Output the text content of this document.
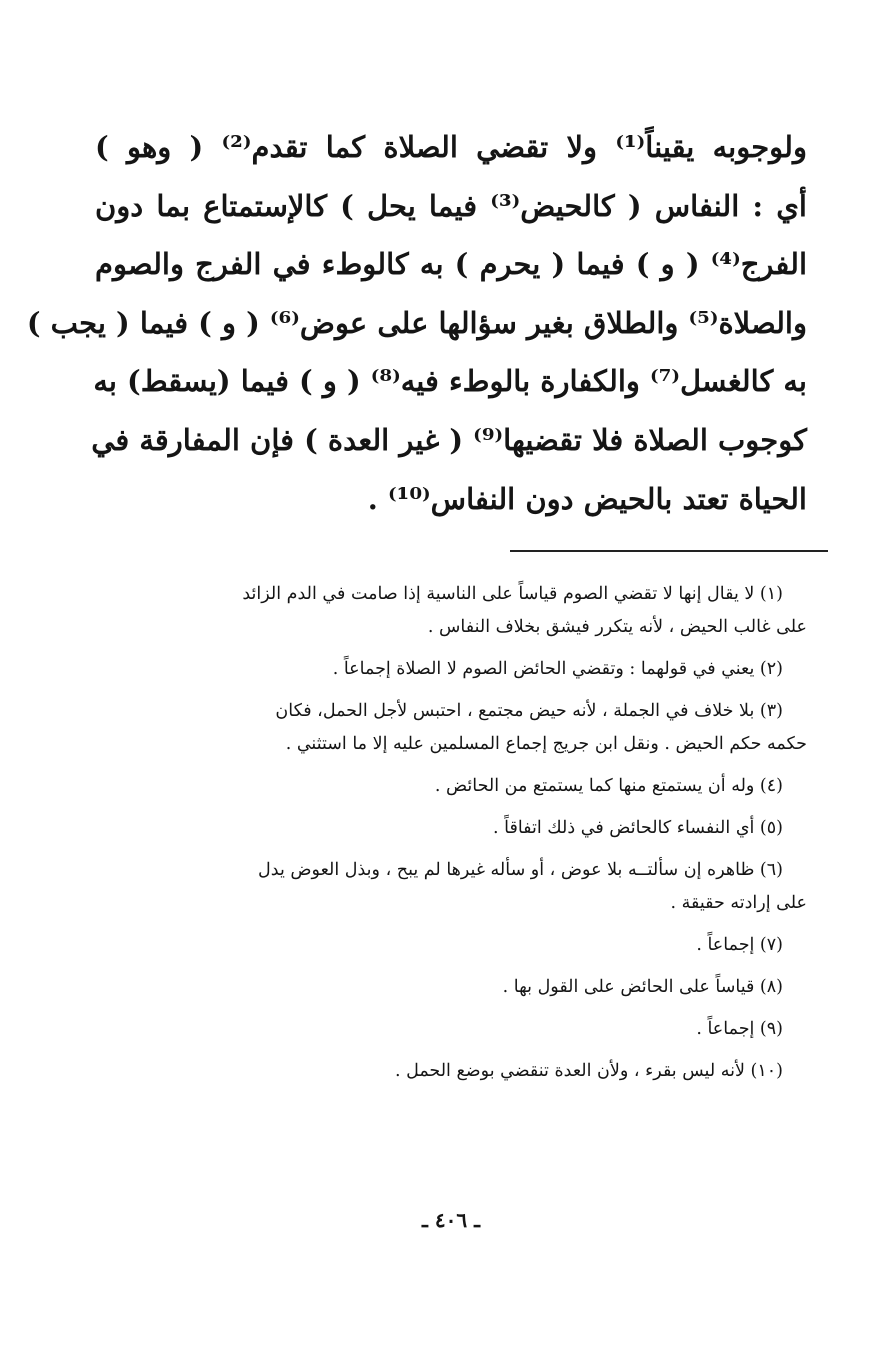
ولوجوبه يقيناً⁽¹⁾ ولا تقضي الصلاة كما تقدم⁽²⁾ ( وهو )
أي : النفاس ( كالحيض⁽³⁾ فيما يحل ) كالإستمتاع بما دون
الفرج⁽⁴⁾ ( و ) فيما ( يحرم ) به كالوطء في الفرج والصوم
والصلاة⁽⁵⁾ والطلاق بغير سؤالها على عوض⁽⁶⁾ ( و ) فيما ( يجب )
به كالغسل⁽⁷⁾ والكفارة بالوطء فيه⁽⁸⁾ ( و ) فيما (يسقط) به
كوجوب الصلاة فلا تقضيها⁽⁹⁾ ( غير العدة ) فإن المفارقة في
الحياة تعتد بالحيض دون النفاس⁽¹⁰⁾ .
(١) لا يقال إنها لا تقضي الصوم قياساً على الناسية إذا صامت في الدم الزائد
على غالب الحيض ، لأنه يتكرر فيشق بخلاف النفاس .
(٢) يعني في قولهما : وتقضي الحائض الصوم لا الصلاة إجماعاً .
(٣) بلا خلاف في الجملة ، لأنه حيض مجتمع ، احتبس لأجل الحمل، فكان
حكمه حكم الحيض . ونقل ابن جريج إجماع المسلمين عليه إلا ما استثني .
(٤) وله أن يستمتع منها كما يستمتع من الحائض .
(٥) أي النفساء كالحائض في ذلك اتفاقاً .
(٦) ظاهره إن سألتــه بلا عوض ، أو سأله غيرها لم يبح ، وبذل العوض يدل
على إرادته حقيقة .
(٧) إجماعاً .
(٨) قياساً على الحائض على القول بها .
(٩) إجماعاً .
(١٠) لأنه ليس بقرء ، ولأن العدة تنقضي بوضع الحمل .
ـ ٤٠٦ ـ
